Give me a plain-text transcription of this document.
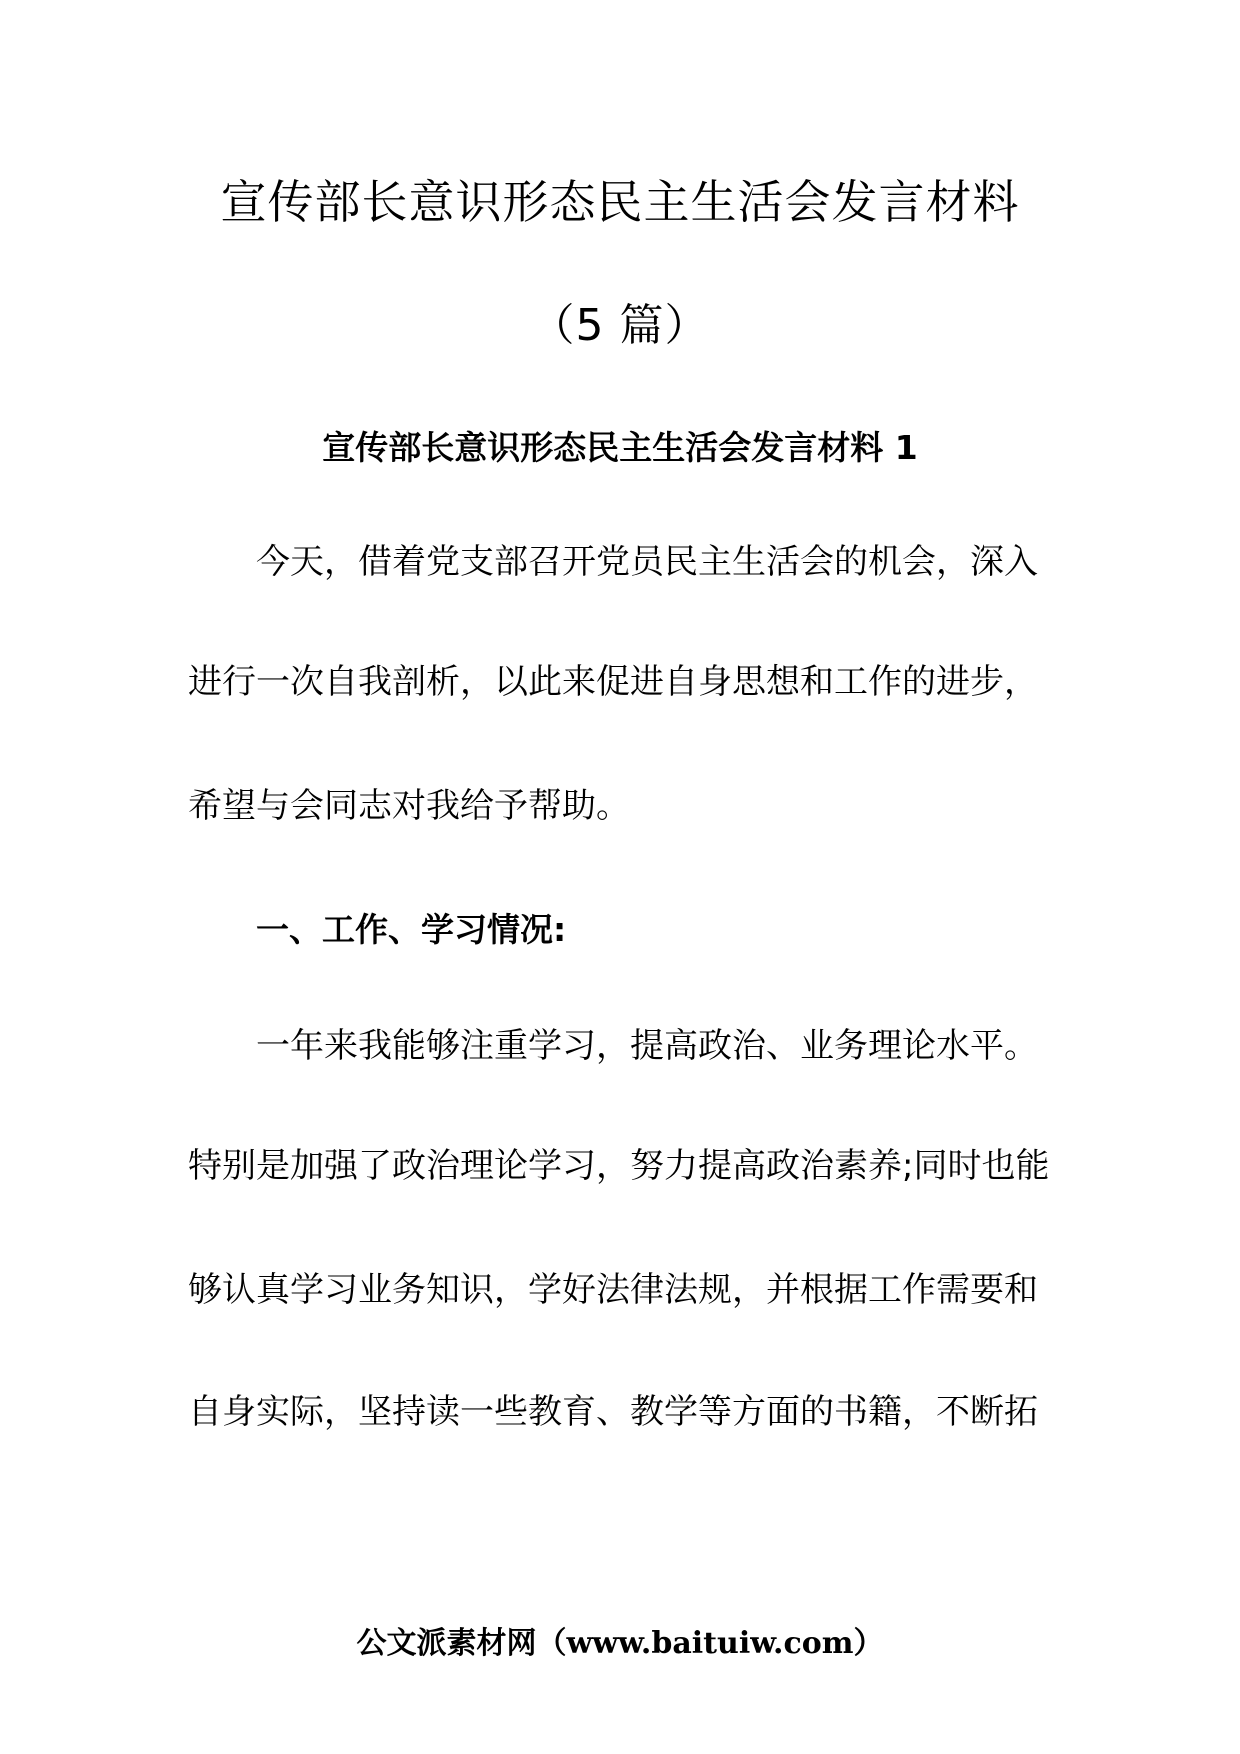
宣传部长意识形态民主生活会发言材料
（5 篇）
宣传部长意识形态民主生活会发言材料 1
今天，借着党支部召开党员民主生活会的机会，深入
进行一次自我剖析，以此来促进自身思想和工作的进步，
希望与会同志对我给予帮助。
一、工作、学习情况:
一年来我能够注重学习，提高政治、业务理论水平。
特别是加强了政治理论学习，努力提高政治素养;同时也能
够认真学习业务知识，学好法律法规，并根据工作需要和
自身实际，坚持读一些教育、教学等方面的书籍，不断拓
公文派素材网（www.baituiw.com）
